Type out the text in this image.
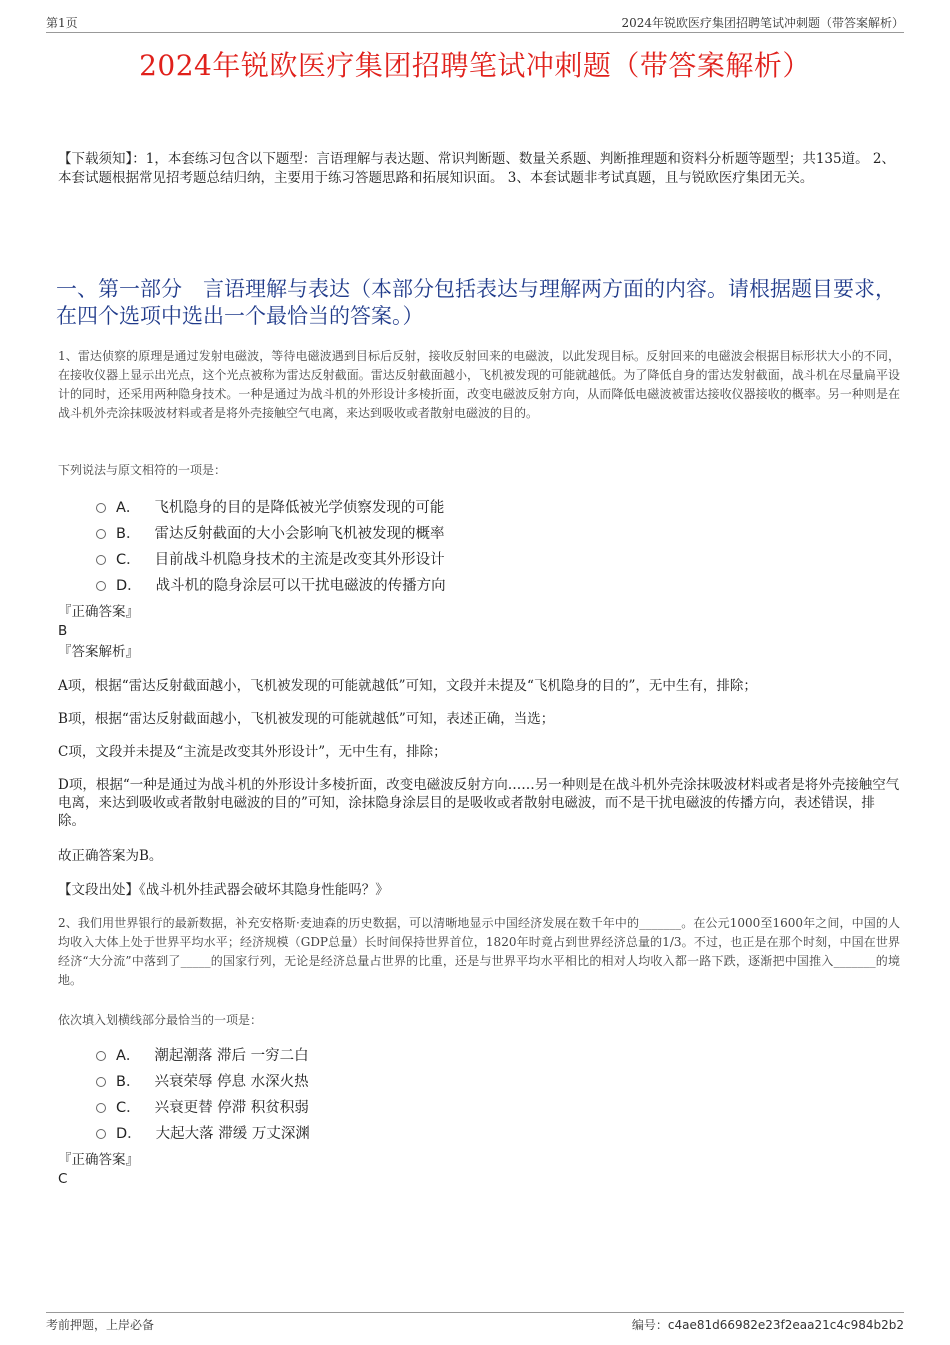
第1页	2024年锐欧医疗集团招聘笔试冲刺题（带答案解析）
2024年锐欧医疗集团招聘笔试冲刺题（带答案解析）
【下载须知】：1，本套练习包含以下题型：言语理解与表达题、常识判断题、数量关系题、判断推理题和资料分析题等题型；共135道。 2、本套试题根据常见招考题总结归纳，主要用于练习答题思路和拓展知识面。 3、本套试题非考试真题，且与锐欧医疗集团无关。
一、第一部分　言语理解与表达（本部分包括表达与理解两方面的内容。请根据题目要求，在四个选项中选出一个最恰当的答案。）
1、雷达侦察的原理是通过发射电磁波，等待电磁波遇到目标后反射，接收反射回来的电磁波，以此发现目标。反射回来的电磁波会根据目标形状大小的不同，在接收仪器上显示出光点，这个光点被称为雷达反射截面。雷达反射截面越小，飞机被发现的可能就越低。为了降低自身的雷达发射截面，战斗机在尽量扁平设计的同时，还采用两种隐身技术。一种是通过为战斗机的外形设计多棱折面，改变电磁波反射方向，从而降低电磁波被雷达接收仪器接收的概率。另一种则是在战斗机外壳涂抹吸波材料或者是将外壳接触空气电离，来达到吸收或者散射电磁波的目的。
下列说法与原文相符的一项是：
A． 飞机隐身的目的是降低被光学侦察发现的可能
B． 雷达反射截面的大小会影响飞机被发现的概率
C． 目前战斗机隐身技术的主流是改变其外形设计
D． 战斗机的隐身涂层可以干扰电磁波的传播方向
『正确答案』
B
『答案解析』
A项，根据“雷达反射截面越小，飞机被发现的可能就越低”可知，文段并未提及“飞机隐身的目的”，无中生有，排除；
B项，根据“雷达反射截面越小，飞机被发现的可能就越低”可知，表述正确，当选；
C项，文段并未提及“主流是改变其外形设计”，无中生有，排除；
D项，根据“一种是通过为战斗机的外形设计多棱折面，改变电磁波反射方向……另一种则是在战斗机外壳涂抹吸波材料或者是将外壳接触空气电离，来达到吸收或者散射电磁波的目的”可知，涂抹隐身涂层目的是吸收或者散射电磁波，而不是干扰电磁波的传播方向，表述错误，排除。
故正确答案为B。
【文段出处】《战斗机外挂武器会破坏其隐身性能吗？》
2、我们用世界银行的最新数据，补充安格斯·麦迪森的历史数据，可以清晰地显示中国经济发展在数千年中的_______。在公元1000至1600年之间，中国的人均收入大体上处于世界平均水平；经济规模（GDP总量）长时间保持世界首位，1820年时竟占到世界经济总量的1/3。不过，也正是在那个时刻，中国在世界经济“大分流”中落到了_____的国家行列，无论是经济总量占世界的比重，还是与世界平均水平相比的相对人均收入都一路下跌，逐渐把中国推入_______的境地。
依次填入划横线部分最恰当的一项是：
A． 潮起潮落 滞后 一穷二白
B． 兴衰荣辱 停息 水深火热
C． 兴衰更替 停滞 积贫积弱
D． 大起大落 滞缓 万丈深渊
『正确答案』
C
考前押题，上岸必备	编号：c4ae81d66982e23f2eaa21c4c984b2b2
